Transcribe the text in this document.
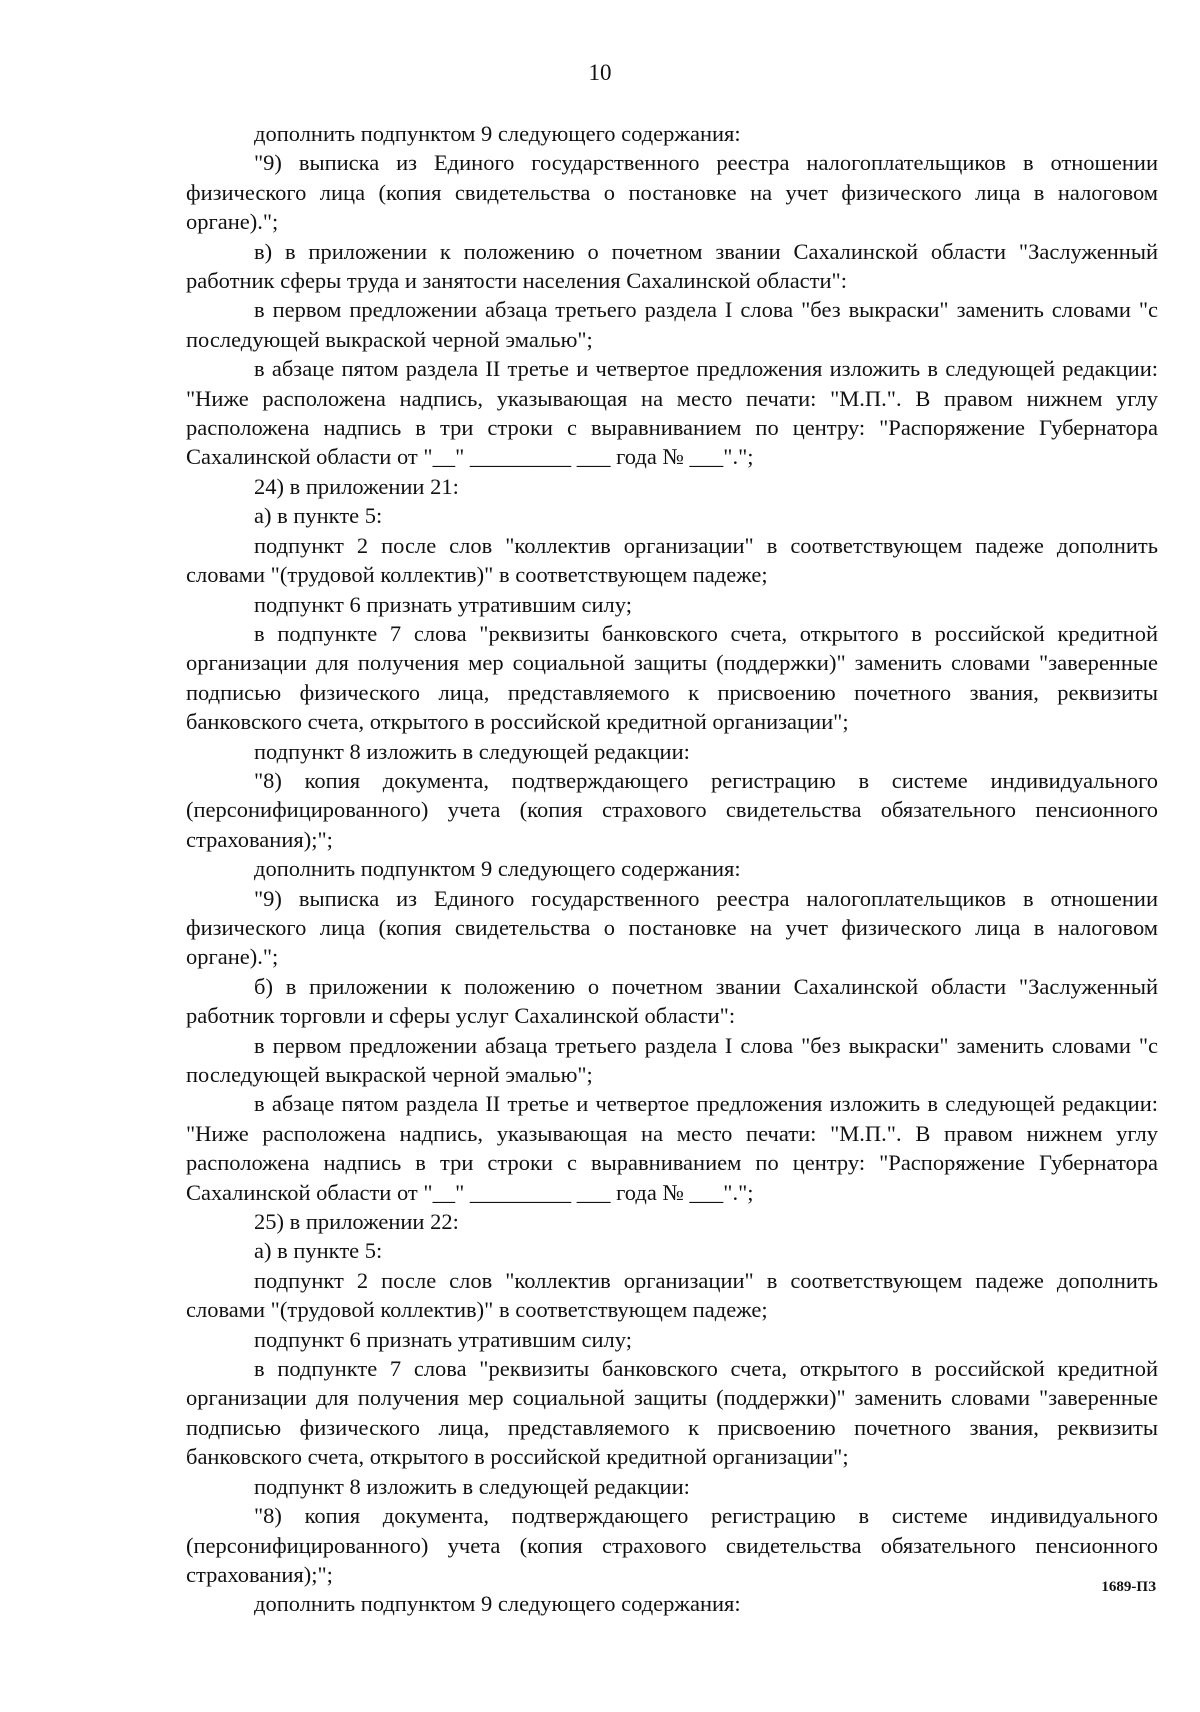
10

дополнить подпунктом 9 следующего содержания:

"9) выписка из Единого государственного реестра налогоплательщиков в отношении физического лица (копия свидетельства о постановке на учет физического лица в налоговом органе).";

в) в приложении к положению о почетном звании Сахалинской области "Заслуженный работник сферы труда и занятости населения Сахалинской области":

в первом предложении абзаца третьего раздела I слова "без выкраски" заменить словами "с последующей выкраской черной эмалью";

в абзаце пятом раздела II третье и четвертое предложения изложить в следующей редакции: "Ниже расположена надпись, указывающая на место печати: "М.П.". В правом нижнем углу расположена надпись в три строки с выравниванием по центру: "Распоряжение Губернатора Сахалинской области от "__" _________ ___ года № ___".";

24) в приложении 21:

а) в пункте 5:

подпункт 2 после слов "коллектив организации" в соответствующем падеже дополнить словами "(трудовой коллектив)" в соответствующем падеже;

подпункт 6 признать утратившим силу;

в подпункте 7 слова "реквизиты банковского счета, открытого в российской кредитной организации для получения мер социальной защиты (поддержки)" заменить словами "заверенные подписью физического лица, представляемого к присвоению почетного звания, реквизиты банковского счета, открытого в российской кредитной организации";

подпункт 8 изложить в следующей редакции:

"8) копия документа, подтверждающего регистрацию в системе индивидуального (персонифицированного) учета (копия страхового свидетельства обязательного пенсионного страхования);";

дополнить подпунктом 9 следующего содержания:

"9) выписка из Единого государственного реестра налогоплательщиков в отношении физического лица (копия свидетельства о постановке на учет физического лица в налоговом органе).";

б) в приложении к положению о почетном звании Сахалинской области "Заслуженный работник торговли и сферы услуг Сахалинской области":

в первом предложении абзаца третьего раздела I слова "без выкраски" заменить словами "с последующей выкраской черной эмалью";

в абзаце пятом раздела II третье и четвертое предложения изложить в следующей редакции: "Ниже расположена надпись, указывающая на место печати: "М.П.". В правом нижнем углу расположена надпись в три строки с выравниванием по центру: "Распоряжение Губернатора Сахалинской области от "__" _________ ___ года № ___".";

25) в приложении 22:

а) в пункте 5:

подпункт 2 после слов "коллектив организации" в соответствующем падеже дополнить словами "(трудовой коллектив)" в соответствующем падеже;

подпункт 6 признать утратившим силу;

в подпункте 7 слова "реквизиты банковского счета, открытого в российской кредитной организации для получения мер социальной защиты (поддержки)" заменить словами "заверенные подписью физического лица, представляемого к присвоению почетного звания, реквизиты банковского счета, открытого в российской кредитной организации";

подпункт 8 изложить в следующей редакции:

"8) копия документа, подтверждающего регистрацию в системе индивидуального (персонифицированного) учета (копия страхового свидетельства обязательного пенсионного страхования);";

дополнить подпунктом 9 следующего содержания:

1689-ПЗ
